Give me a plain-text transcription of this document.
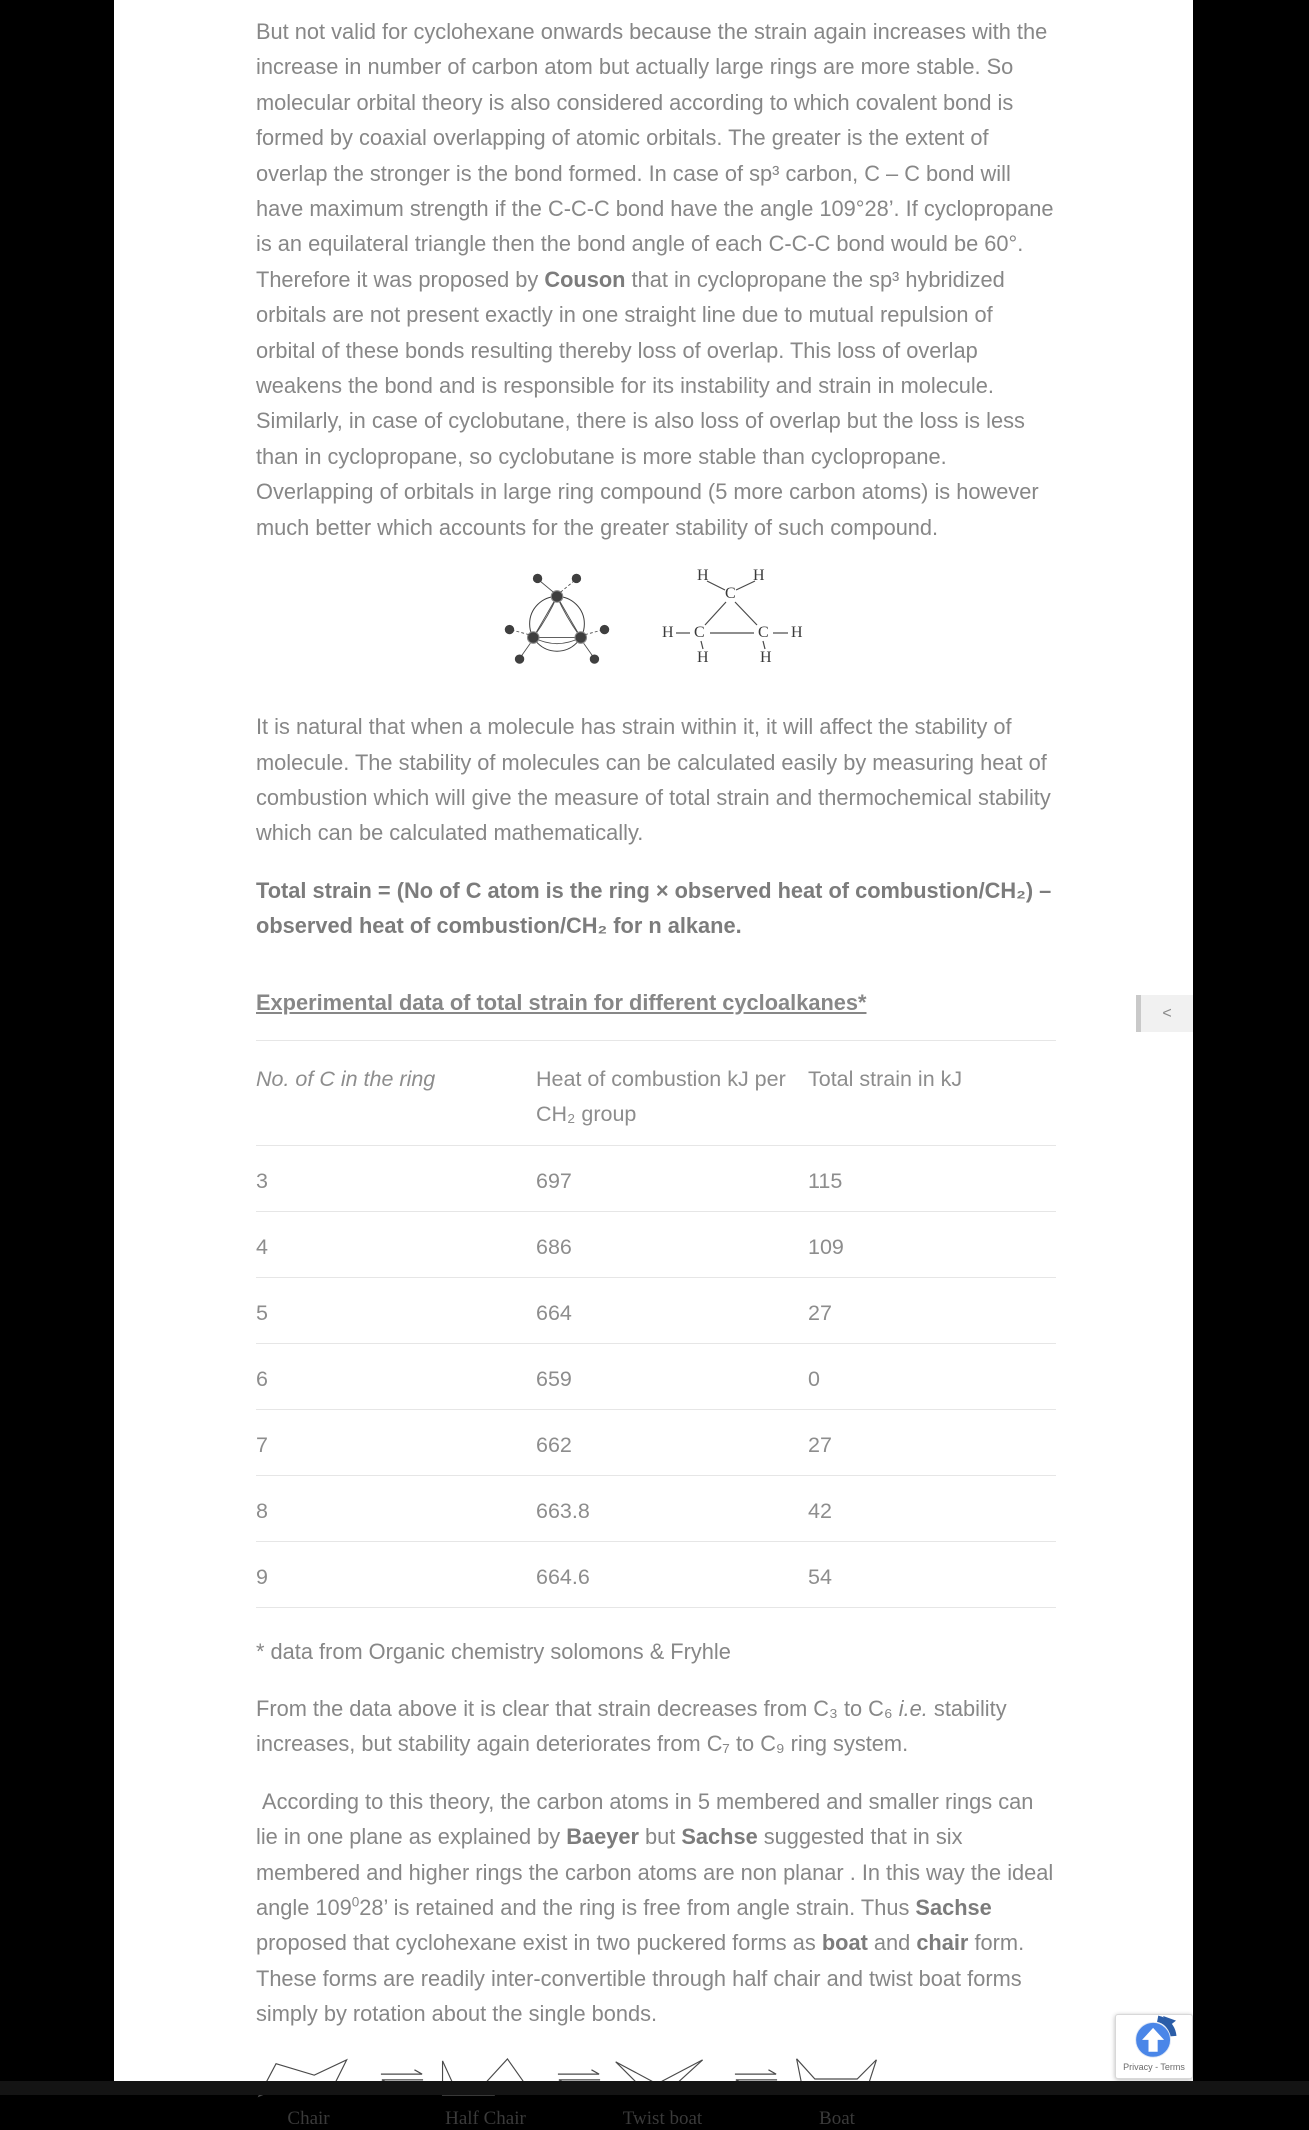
But not valid for cyclohexane onwards because the strain again increases with the increase in number of carbon atom but actually large rings are more stable. So molecular orbital theory is also considered according to which covalent bond is formed by coaxial overlapping of atomic orbitals. The greater is the extent of overlap the stronger is the bond formed. In case of sp³ carbon, C – C bond will have maximum strength if the C-C-C bond have the angle 109°28’. If cyclopropane is an equilateral triangle then the bond angle of each C-C-C bond would be 60°. Therefore it was proposed by Couson that in cyclopropane the sp³ hybridized orbitals are not present exactly in one straight line due to mutual repulsion of orbital of these bonds resulting thereby loss of overlap. This loss of overlap weakens the bond and is responsible for its instability and strain in molecule. Similarly, in case of cyclobutane, there is also loss of overlap but the loss is less than in cyclopropane, so cyclobutane is more stable than cyclopropane. Overlapping of orbitals in large ring compound (5 more carbon atoms) is however much better which accounts for the greater stability of such compound.

H	H
C
H C	C H
H	H

It is natural that when a molecule has strain within it, it will affect the stability of molecule. The stability of molecules can be calculated easily by measuring heat of combustion which will give the measure of total strain and thermochemical stability which can be calculated mathematically.

Total strain = (No of C atom is the ring × observed heat of combustion/CH₂) – observed heat of combustion/CH₂ for n alkane.

Experimental data of total strain for different cycloalkanes*
No. of C in the ring	Heat of combustion kJ per CH₂ group	Total strain in kJ
3	697	115
4	686	109
5	664	27
6	659	0
7	662	27
8	663.8	42
9	664.6	54

* data from Organic chemistry solomons & Fryhle

From the data above it is clear that strain decreases from C₃ to C₆ i.e. stability increases, but stability again deteriorates from C₇ to C₉ ring system.

According to this theory, the carbon atoms in 5 membered and smaller rings can lie in one plane as explained by Baeyer but Sachse suggested that in six membered and higher rings the carbon atoms are non planar . In this way the ideal angle $109^028$’ is retained and the ring is free from angle strain. Thus Sachse proposed that cyclohexane exist in two puckered forms as boat and chair form. These forms are readily inter-convertible through half chair and twist boat forms simply by rotation about the single bonds.

Chair	Half Chair	Twist boat	Boat
<
Privacy - Terms
